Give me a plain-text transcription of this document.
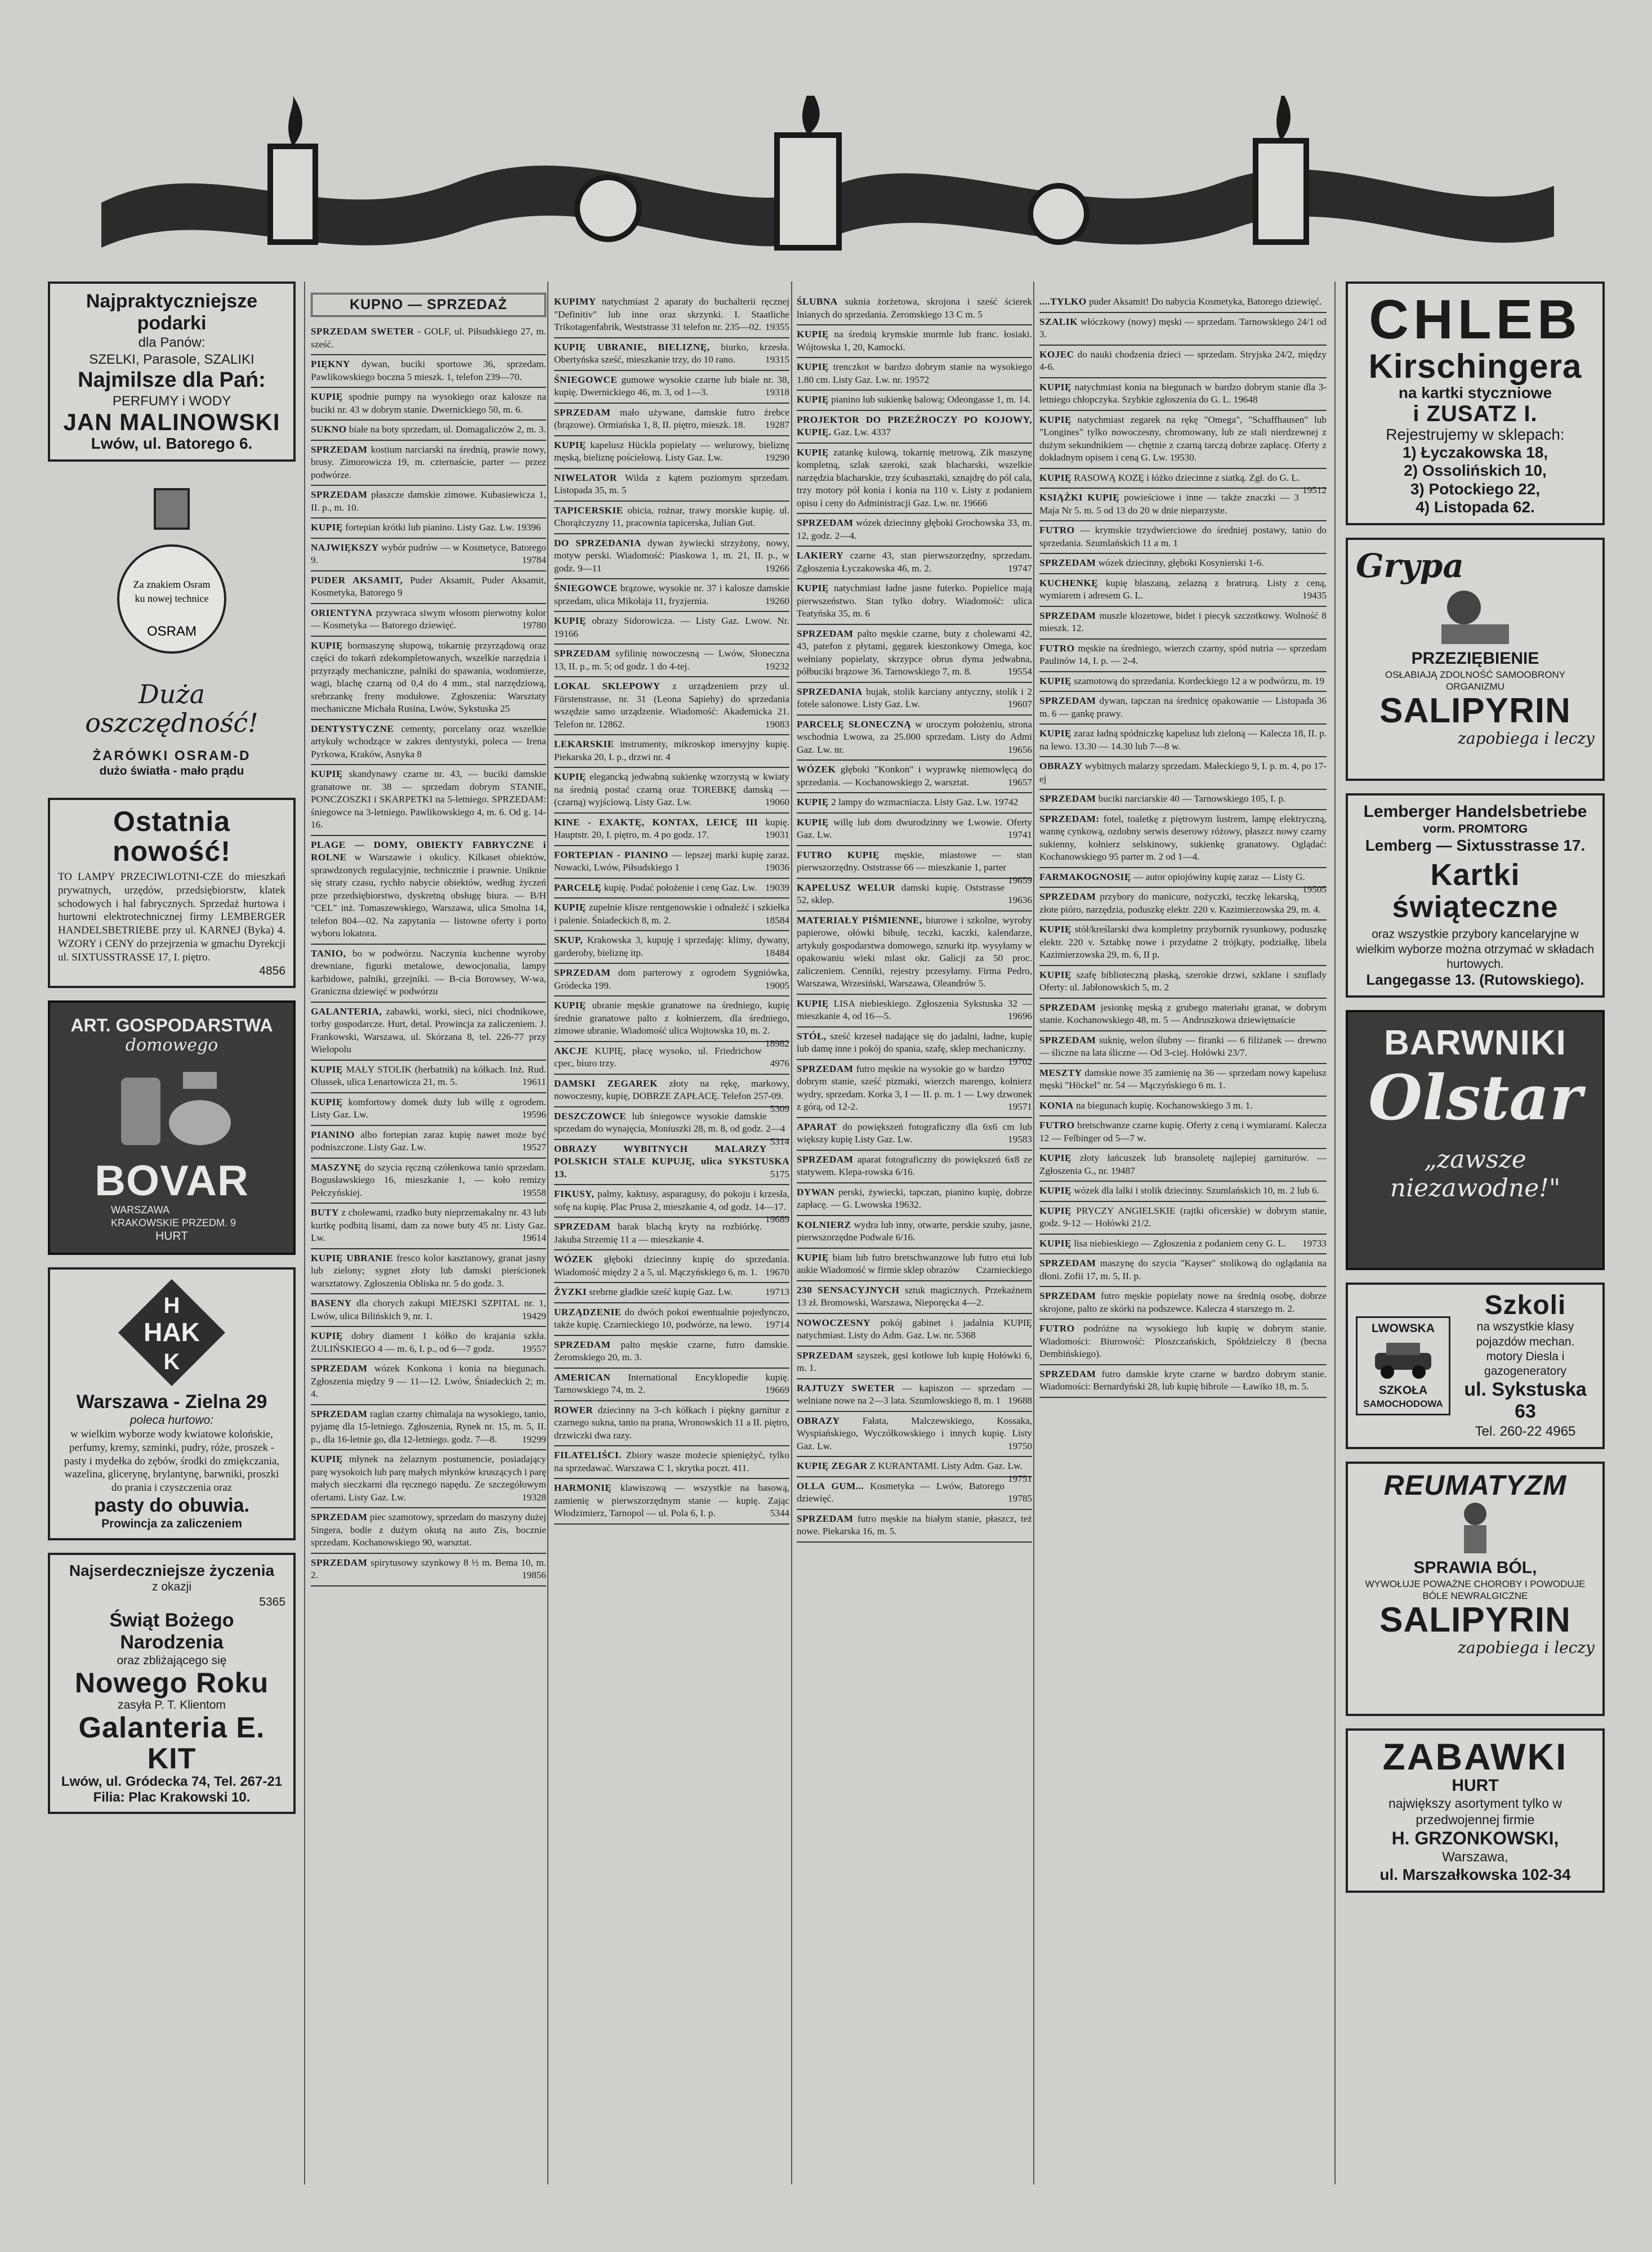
Najpraktyczniejsze podarki
dla Panów:
SZELKI, Parasole, SZALIKI
Najmilsze dla Pań:
PERFUMY i WODY
JAN MALINOWSKI
Lwów, ul. Batorego 6.
Za znakiem Osram
ku nowej technice
OSRAM
Duża
oszczędność!
ŻARÓWKI OSRAM-D
dużo światła - mało prądu
Ostatnia nowość!
TO LAMPY PRZECIWLOTNI-CZE do mieszkań prywatnych, urzędów, przedsiębiorstw, klatek schodowych i hal fabrycznych. Sprzedaż hurtowa i hurtowni elektrotechnicznej firmy LEMBERGER HANDELSBETRIEBE przy ul. KARNEJ (Byka) 4. WZORY i CENY do przejrzenia w gmachu Dyrekcji ul. SIXTUSSTRASSE 17, I. piętro.
4856
ART. GOSPODARSTWA
domowego
BOVAR
WARSZAWA
KRAKOWSKIE PRZEDM. 9
HURT
H
HAK
K
Warszawa - Zielna 29
poleca hurtowo:
w wielkim wyborze wody kwiatowe kolońskie, perfumy, kremy, szminki, pudry, róże, proszek - pasty i mydełka do zębów, środki do zmiękczania, wazelina, glicerynę, brylantynę, barwniki, proszki do prania i czyszczenia oraz
pasty do obuwia.
Prowincja za zaliczeniem
Najserdeczniejsze życzenia
z okazji
5365
Świąt Bożego Narodzenia
oraz zbliżającego się
Nowego Roku
zasyła P. T. Klientom
Galanteria E. KIT
Lwów, ul. Gródecka 74, Tel. 267-21
Filia: Plac Krakowski 10.
KUPNO — SPRZEDAŻ
SPRZEDAM SWETER - GOLF, ul. Piłsudskiego 27, m. sześć.
PIĘKNY dywan, buciki sportowe 36, sprzedam. Pawlikowskiego boczna 5 mieszk. 1, telefon 239—70.
KUPIĘ spodnie pumpy na wysokiego oraz kalosze na buciki nr. 43 w dobrym stanie. Dwernickiego 50, m. 6.
SUKNO białe na boty sprzedam, ul. Domagaliczów 2, m. 3.
SPRZEDAM kostium narciarski na średnią, prawie nowy, brusy. Zimorowicza 19, m. czternaście, parter — przez podwórze.
SPRZEDAM płaszcze damskie zimowe. Kubasiewicza 1, II. p., m. 10.
KUPIĘ fortepian krótki lub pianino. Listy Gaz. Lw. 19396
NAJWIĘKSZY wybór pudrów — w Kosmetyce, Batorego 9.	19784
PUDER AKSAMIT, Puder Aksamit, Puder Aksamit, Kosmetyka, Batorego 9
ORIENTYNA przywraca siwym włosom pierwotny kolor — Kosmetyka — Batorego dziewięć.	19780
KUPIĘ bormaszynę słupową, tokarnię przyrządową oraz części do tokarń zdekompletowanych, wszelkie narzędzia i przyrządy mechaniczne, palniki do spawania, wodomierze, wagi, blachę czarną od 0,4 do 4 mm., stal narzędziową, srebrzankę freny modułowe. Zgłoszenia: Warsztaty mechaniczne Michała Rusina, Lwów, Sykstuska 25
DENTYSTYCZNE cementy, porcelany oraz wszelkie artykuły wchodzące w zakres dentystyki, poleca — Irena Pyrkowa, Kraków, Asnyka 8
KUPIĘ skandynawy czarne nr. 43, — buciki damskie granatowe nr. 38 — sprzedam dobrym STANIE, PONCZOSZKI i SKARPETKI na 5-letniego. SPRZEDAM: śniegowce na 3-letniego. Pawlikowskiego 4, m. 6. Od g. 14-16.
PLAGE — DOMY, OBIEKTY FABRYCZNE i ROLNE w Warszawie i okolicy. Kilkaset obiektów, sprawdzonych regulacyjnie, technicznie i prawnie. Uniknie się straty czasu, rychło nabycie obiektów, według życzeń prze przedsiębiorstwo, dyskretną obsługę biura. — B/H "CEL" inż. Tomaszewskiego, Warszawa, ulica Smolna 14, telefon 804—02. Na zapytania — listowne oferty i porto wyboru lokatora.
TANIO, bo w podwórzu. Naczynia kuchenne wyroby drewniane, figurki metalowe, dewocjonalia, lampy karbidowe, palniki, grzejniki. — B-cia Borowsey, W-wa, Graniczna dziewięć w podwórzu
GALANTERIA, zabawki, worki, sieci, nici chodnikowe, torby gospodarcze. Hurt, detal. Prowincja za zaliczeniem. J. Frankowski, Warszawa, ul. Skórzana 8, tel. 226-77 przy Wielopolu
KUPIĘ MAŁY STOLIK (herbatnik) na kółkach. Inż. Rud. Olussek, ulica Lenartowicza 21, m. 5.	19611
KUPIĘ komfortowy domek duży lub willę z ogrodem. Listy Gaz. Lw.	19596
PIANINO albo fortepian zaraz kupię nawet może być podniszczone. Listy Gaz. Lw.	19527
MASZYNĘ do szycia ręczną czółenkowa tanio sprzedam. Bogusławskiego 16, mieszkanie 1, — koło remizy Pełczyńskiej.	19558
BUTY z cholewami, rzadko buty nieprzemakalny nr. 43 lub kurtkę podbitą lisami, dam za nowe buty 45 nr. Listy Gaz. Lw.	19614
KUPIĘ UBRANIE fresco kolor kasztanowy, granat jasny lub zielony; sygnet złoty lub damski pierścionek warsztatowy. Zgłoszenia Obliska nr. 5 do godz. 3.
BASENY dla chorych zakupi MIEJSKI SZPITAL nr. 1, Lwów, ulica Bilińskich 9, nr. 1.	19429
KUPIĘ dobry diament 1 kółko do krajania szkła. ŻULIŃSKIEGO 4 — m. 6, I. p., od 6—7 godz.	19557
SPRZEDAM wózek Konkona i konia na biegunach. Zgłoszenia między 9 — 11—12. Lwów, Śniadeckich 2; m. 4.
SPRZEDAM raglan czarny chimalaja na wysokiego, tanio, pyjamę dla 15-letniego. Zgłoszenia, Rynek nr. 15, m. 5, II. p., dla 16-letnie go, dla 12-letniego. godz. 7—8.	19299
KUPIĘ młynek na żelaznym postumencie, posiadający parę wysokoich lub parę małych młynków kruszących i parę małych sieczkarni dla ręcznego napędu. Ze szczegółowym ofertami. Listy Gaz. Lw.	19328
SPRZEDAM piec szamotowy, sprzedam do maszyny dużej Singera, bodie z dużym okutą na auto Zis, bocznie sprzedam. Kochanowskiego 90, warsztat.
SPRZEDAM spirytusowy szynkowy 8 ½ m. Bema 10, m. 2.	19856
KUPIMY natychmiast 2 aparaty do buchalterii ręcznej "Definitiv" lub inne oraz skrzynki. I. Staatliche Trikotagenfabrik, Weststrasse 31 telefon nr. 235—02. 19355
KUPIĘ UBRANIE, BIELIZNĘ, biurko, krzesła. Obertyńska sześć, mieszkanie trzy, do 10 rano.	19315
ŚNIEGOWCE gumowe wysokie czarne lub białe nr. 38, kupię. Dwernickiego 46, m. 3, od 1—3.	19318
SPRZEDAM mało używane, damskie futro źrebce (brązowe). Ormiańska 1, 8, II. piętro, mieszk. 18.	19287
KUPIĘ kapelusz Hückla popielaty — welurowy, bieliznę męską, bieliznę pościelową. Listy Gaz. Lw.	19290
NIWELATOR Wilda z kątem poziomym sprzedam. Listopada 35, m. 5
TAPICERSKIE obicia, rożnar, trawy morskie kupię. ul. Chorążczyzny 11, pracownia tapicerska, Julian Gut.
DO SPRZEDANIA dywan żywiecki strzyżony, nowy, motyw perski. Wiadomość: Piaskowa 1, m. 21, II. p., w godz. 9—11	19266
ŚNIEGOWCE brązowe, wysokie nr. 37 i kalosze damskie sprzedam, ulica Mikołaja 11, fryzjernia.	19260
KUPIĘ obrazy Sidorowicza. — Listy Gaz. Lwow. Nr. 19166
SPRZEDAM syfilinię nowoczesną — Lwów, Słoneczna 13, II. p., m. 5; od godz. 1 do 4-tej.	19232
LOKAL SKLEPOWY z urządzeniem przy ul. Fürstenstrasse, nr. 31 (Leona Sapiehy) do sprzedania wszędzie samo urządzenie. Wiadomość: Akademicka 21. Telefon nr. 12862.	19083
LEKARSKIE instrumenty, mikroskop imersyjny kupię. Piekarska 20, I. p., drzwi nr. 4
KUPIĘ elegancką jedwabną sukienkę wzorzystą w kwiaty na średnią postać czarną oraz TOREBKĘ damską — (czarną) wyjściową. Listy Gaz. Lw.	19060
KINE - EXAKTĘ, KONTAX, LEICĘ III kupię. Hauptstr. 20, I. piętro, m. 4 po godz. 17.	19031
FORTEPIAN - PIANINO — lepszej marki kupię zaraz. Nowacki, Lwów, Piłsudskiego 1	19036
PARCELĘ kupię. Podać położenie i cenę Gaz. Lw. 19039
KUPIĘ zupełnie klisze rentgenowskie i odnaleźć i szkiełka i palenie. Śniadeckich 8, m. 2.	18584
SKUP, Krakowska 3, kupuję i sprzedaję: klimy, dywany, garderoby, bieliznę itp.	18484
SPRZEDAM dom parterowy z ogrodem Sygniówka, Gródecka 199.	19005
KUPIĘ ubranie męskie granatowe na średniego, kupię średnie granatowe palto z kołnierzem, dla średniego, zimowe ubranie. Wiadomość ulica Wojtowska 10, m. 2.
18982
AKCJE KUPIĘ, płacę wysoko, ul. Friedrichow cpec, biuro trzy.	4976
DAMSKI ZEGAREK złoty na rękę, markowy, nowoczesny, kupię, DOBRZE ZAPŁACĘ. Telefon 257-09.
5309
DESZCZOWCE lub śniegowce wysokie damskie sprzedam do wynajęcia, Moniuszki 28, m. 8, od godz. 2—4
5314
OBRAZY WYBITNYCH MALARZY POLSKICH STALE KUPUJĘ, ulica SYKSTUSKA 13.	5175
FIKUSY, palmy, kaktusy, asparagusy, do pokoju i krzesła, sofę na kupię. Plac Prusa 2, mieszkanie 4, od godz. 14—17.
19689
SPRZEDAM barak blachą kryty na rozbiórkę. Jakuba Strzemię 11 a — mieszkanie 4.
WÓZEK głęboki dziecinny kupię do sprzedania. Wiadomość między 2 a 5, ul. Mączyńskiego 6, m. 1. 19670
ŻYZKI srebrne gładkie sześć kupię Gaz. Lw.	19713
URZĄDZENIE do dwóch pokoi ewentualnie pojedynczo, także kupię. Czarnieckiego 10, podwórze, na lewo.	19714
SPRZEDAM palto męskie czarne, futro damskie. Żeromskiego 20, m. 3.
AMERICAN International Encyklopedie kupię. Tarnowskiego 74, m. 2.	19669
ROWER dziecinny na 3-ch kółkach i piękny garnitur z czarnego sukna, tanio na prana, Wronowskich 11 a II. piętro, drzwiczki dwa razy.
FILATELIŚCI. Zbiory wasze możecie spieniężyć, tylko na sprzedawać. Warszawa C 1, skrytka poczt. 411.
HARMONIĘ klawiszową — wszystkie na basową, zamienię w pierwszorzędnym stanie — kupię. Zając Włodzimierz, Tarnopol — ul. Pola 6, I. p.	5344
ŚLUBNA suknia żorżetowa, skrojona i sześć ścierek lnianych do sprzedania. Żeromskiego 13 C m. 5
KUPIĘ na średnią krymskie murmle lub franc. łosiaki. Wójtowska 1, 20, Kamocki.
KUPIĘ trenczkot w bardzo dobrym stanie na wysokiego 1.80 cm. Listy Gaz. Lw. nr. 19572
KUPIĘ pianino lub sukienkę balową; Odeongasse 1, m. 14.
PROJEKTOR DO PRZEŹROCZY PO KOJOWY, KUPIĘ. Gaz. Lw. 4337
KUPIĘ zatankę kulową, tokarnię metrową, Zik maszynę kompletną, szlak szeroki, szak blacharski, wszelkie narzędzia blacharskie, trzy ścubasztaki, sznajdrę do pól cala, trzy motory pół konia i konia na 110 v. Listy z podaniem opisu i ceny do Administracji Gaz. Lw. nr. 19666
SPRZEDAM wózek dziecinny głęboki Grochowska 33, m. 12, godz. 2—4.
LAKIERY czarne 43, stan pierwszorzędny, sprzedam. Zgłoszenia Łyczakowska 46, m. 2.	19747
KUPIĘ natychmiast ładne jasne futerko. Popielice mają pierwszeństwo. Stan tylko dobry. Wiadomość: ulica Teatyńska 35, m. 6
SPRZEDAM palto męskie czarne, buty z cholewami 42, 43, patefon z płytami, gęgarek kieszonkowy Omega, koc wełniany popielaty, skrzypce obrus dyma jedwabna, półbuciki brązowe 36. Tarnowskiego 7, m. 8.	19554
SPRZEDANIA bujak, stolik karciany antyczny, stolik i 2 fotele salonowe. Listy Gaz. Lw.	19607
PARCELĘ SŁONECZNĄ w uroczym położeniu, strona wschodnia Lwowa, za 25.000 sprzedam. Listy do Admi Gaz. Lw. nr.	19656
WÓZEK głęboki "Konkon" i wyprawkę niemowlęcą do sprzedania. — Kochanowskiego 2, warsztat.	19657
KUPIĘ 2 lampy do wzmacniacza. Listy Gaz. Lw. 19742
KUPIĘ willę lub dom dwurodzinny we Lwowie. Oferty Gaz. Lw.	19741
FUTRO KUPIĘ męskie, miastowe — stan pierwszorzędny. Oststrasse 66 — mieszkanie 1, parter
19659
KAPELUSZ WELUR damski kupię. Oststrasse 52, sklep.	19636
MATERIAŁY PIŚMIENNE, biurowe i szkolne, wyroby papierowe, ołówki bibułę, teczki, kaczki, kalendarze, artykuły gospodarstwa domowego, sznurki itp. wysyłamy w opakowaniu wieki mlast okr. Galicji za 50 proc. zaliczeniem. Cenniki, rejestry przesyłamy. Firma Pedro, Warszawa, Wrzesiński, Warszawa, Oleandrów 5.
KUPIĘ LISA niebieskiego. Zgłoszenia Sykstuska 32 — mieszkanie 4, od 16—5.	19696
STÓŁ, sześć krzeseł nadające się do jadalni, ładne, kupię lub damę inne i pokój do spania, szafę, sklep mechaniczny.
19702
SPRZEDAM futro męskie na wysokie go w bardzo dobrym stanie, sześć pizmaki, wierzch marengo, kołnierz wydry, sprzedam. Korka 3, I — II. p. m. 1 — Lwy dzwonek z górą, od 12-2.	19571
APARAT do powiększeń fotograficzny dla 6x6 cm lub większy kupię Listy Gaz. Lw.	19583
SPRZEDAM aparat fotograficzny do powiększeń 6x8 ze statywem. Klepa-rowska 6/16.
DYWAN perski, żywiecki, tapczan, pianino kupię, dobrze zapłacę. — G. Lwowska 19632.
KOLNIERZ wydra lub inny, otwarte, perskie szuby, jasne, pierwszorzędne Podwale 6/16.
KUPIĘ biam lub futro bretschwanzowe lub futro etui lub aukie Wiadomość w firmie sklep obrazów	Czarnieckiego
230 SENSACYJNYCH sztuk magicznych. Przekaźnem 13 zł. Bromowski, Warszawa, Nieporęcka 4—2.
NOWOCZESNY pokój gabinet i jadalnia KUPIĘ natychmiast. Listy do Adm. Gaz. Lw. nr. 5368
SPRZEDAM szyszek, gęsi kotłowe lub kupię Hołówki 6, m. 1.
RAJTUZY SWETER — kapiszon — sprzedam — welniane nowe na 2—3 lata. Szumlowskiego 8, m. 1 19688
OBRAZY Fałata, Malczewskiego, Kossaka, Wyspiańskiego, Wyczółkowskiego i innych kupię. Listy Gaz. Lw.	19750
KUPIĘ ZEGAR Z KURANTAMI. Listy Adm. Gaz. Lw.
19751
OLLA GUM... Kosmetyka — Lwów, Batorego dziewięć.	19785
SPRZEDAM futro męskie na białym stanie, płaszcz, też nowe. Piekarska 16, m. 5.
....TYLKO puder Aksamit! Do nabycia Kosmetyka, Batorego dziewięć.
SZALIK włóczkowy (nowy) męski — sprzedam. Tarnowskiego 24/1 od 3.
KOJEC do nauki chodzenia dzieci — sprzedam. Stryjska 24/2, między 4-6.
KUPIĘ natychmiast konia na biegunach w bardzo dobrym stanie dla 3-letniego chłopczyka. Szybkie zgłoszenia do G. L. 19648
KUPIĘ natychmiast zegarek na rękę "Omega", "Schaffhausen" lub "Longines" tylko nowoczesny, chromowany, lub ze stali nierdzewnej z dużym sekundnikiem — chętnie z czarną tarczą dobrze zapłacę. Oferty z dokładnym opisem i ceną G. Lw. 19530.
KUPIĘ RASOWĄ KOZĘ i łóżko dziecinne z siatką. Zgł. do G. L.
19512
KSIĄŻKI KUPIĘ powieściowe i inne — także znaczki — 3 Maja Nr 5. m. 5 od 13 do 20 w dnie nieparzyste.
FUTRO — krymskie trzydwierciowe do średniej postawy, tanio do sprzedania. Szumlańskich 11 a m. 1
SPRZEDAM wózek dziecinny, głęboki Kosynierski 1-6.
KUCHENKĘ kupię blaszaną, zelazną z bratrurą. Listy z ceną, wymiarem i adresem G. L.	19435
SPRZEDAM muszle klozetowe, bidet i piecyk szczotkowy. Wolność 8 mieszk. 12.
FUTRO męskie na średniego, wierzch czarny, spód nutria — sprzedam Paulinów 14, I. p. — 2-4.
KUPIĘ szamotową do sprzedania. Kordeckiego 12 a w podwórzu, m. 19
SPRZEDAM dywan, tapczan na średnicę opakowanie — Listopada 36 m. 6 — gankę prawy.
KUPIĘ zaraz ładną spódniczkę kapelusz lub zieloną — Kalecza 18, II. p. na lewo. 13.30 — 14.30 lub 7—8 w.
OBRAZY wybitnych malarzy sprzedam. Małeckiego 9, I. p. m. 4, po 17-ej
SPRZEDAM buciki narciarskie 40 — Tarnowskiego 105, I. p.
SPRZEDAM: fotel, toaletkę z piętrowym lustrem, lampę elektryczną, wannę cynkową, ozdobny serwis deserowy różowy, płaszcz nowy czarny sukienny, kołnierz selskinowy, sukienkę granatowy. Oglądać: Kochanowskiego 95 parter m. 2 od 1—4.
FARMAKOGNOSIĘ — autor opiojówiny kupię zaraz — Listy G.
19505
SPRZEDAM przybory do manicure, nożyczki, teczkę lekarską, złote pióro, narzędzia, poduszkę elektr. 220 v. Kazimierzowska 29, m. 4.
KUPIĘ stół/kreślarski dwa kompletny przybornik rysunkowy, poduszkę elektr. 220 v. Sztabkę nowe i przydatne 2 trójkąty, podziałkę, libela Kazimierzowska 29, m. 6, II p.
KUPIĘ szafę biblioteczną płaską, szerokie drzwi, szklane i szuflady Oferty: ul. Jabłonowskich 5, m. 2
SPRZEDAM jesionkę męską z grubego materiału granat, w dobrym stanie. Kochanowskiego 48, m. 5 — Andruszkowa dziewiętnaście
SPRZEDAM suknię, welon ślubny — firanki — 6 filiżanek — drewno — śliczne na lata śliczne — Od 3-ciej. Hołówki 23/7.
MESZTY damskie nowe 35 zamienię na 36 — sprzedam nowy kapelusz męski "Höckel" nr. 54 — Mączyńskiego 6 m. 1.
KONIA na biegunach kupię. Kochanowskiego 3 m. 1.
FUTRO bretschwanze czarne kupię. Oferty z ceną i wymiarami. Kalecza 12 — Felbinger od 5—7 w.
KUPIĘ złoty łańcuszek lub bransoletę najlepiej garniturów. — Zgłoszenia G., nr. 19487
KUPIĘ wózek dla lalki i stolik dziecinny. Szumlańskich 10, m. 2 lub 6.
KUPIĘ PRYCZY ANGIELSKIE (rajtki oficerskie) w dobrym stanie, godz. 9-12 — Hołówki 21/2.
KUPIĘ lisa niebieskiego — Zgłoszenia z podaniem ceny G. L.	19733
SPRZEDAM maszynę do szycia "Kayser" stolikową do oglądania na dłoni. Zofii 17, m. 5, II. p.
SPRZEDAM futro męskie popielaty nowe na średnią osobę, dobrze skrojone, palto ze skórki na podszewce. Kalecza 4 starszego m. 2.
FUTRO podróżne na wysokiego lub kupię w dobrym stanie. Wiadomości: Biurowość: Ploszczańskich, Spółdzielczy 8 (becna Dembińskiego).
SPRZEDAM futro damskie kryte czarne w bardzo dobrym stanie. Wiadomości: Bernardyński 28, lub kupię bibrole — Ławiko 18, m. 5.
CHLEB
Kirschingera
na kartki styczniowe
i ZUSATZ I.
Rejestrujemy w sklepach:
1) Łyczakowska 18,
2) Ossolińskich 10,
3) Potockiego 22,
4) Listopada 62.
Grypa
PRZEZIĘBIENIE
OSŁABIAJĄ ZDOLNOŚĆ SAMOOBRONY ORGANIZMU
SALIPYRIN
zapobiega i leczy
Lemberger Handelsbetriebe
vorm. PROMTORG
Lemberg — Sixtusstrasse 17.
Kartki świąteczne
oraz wszystkie przybory kancelaryjne w wielkim wyborze można otrzymać w składach hurtowych.
Langegasse 13. (Rutowskiego).
BARWNIKI
Olstar
„zawsze niezawodne!"
LWOWSKA
SZKOŁA
SAMOCHODOWA
Szkoli
na wszystkie klasy pojazdów mechan.
motory Diesla i gazogeneratory
ul. Sykstuska 63
Tel. 260-22 4965
REUMATYZM
SPRAWIA BÓL,
WYWOŁUJE POWAŻNE CHOROBY I POWODUJE BÓLE NEWRALGICZNE
SALIPYRIN
zapobiega i leczy
ZABAWKI
HURT
największy asortyment tylko w przedwojennej firmie
H. GRZONKOWSKI,
Warszawa,
ul. Marszałkowska 102-34
